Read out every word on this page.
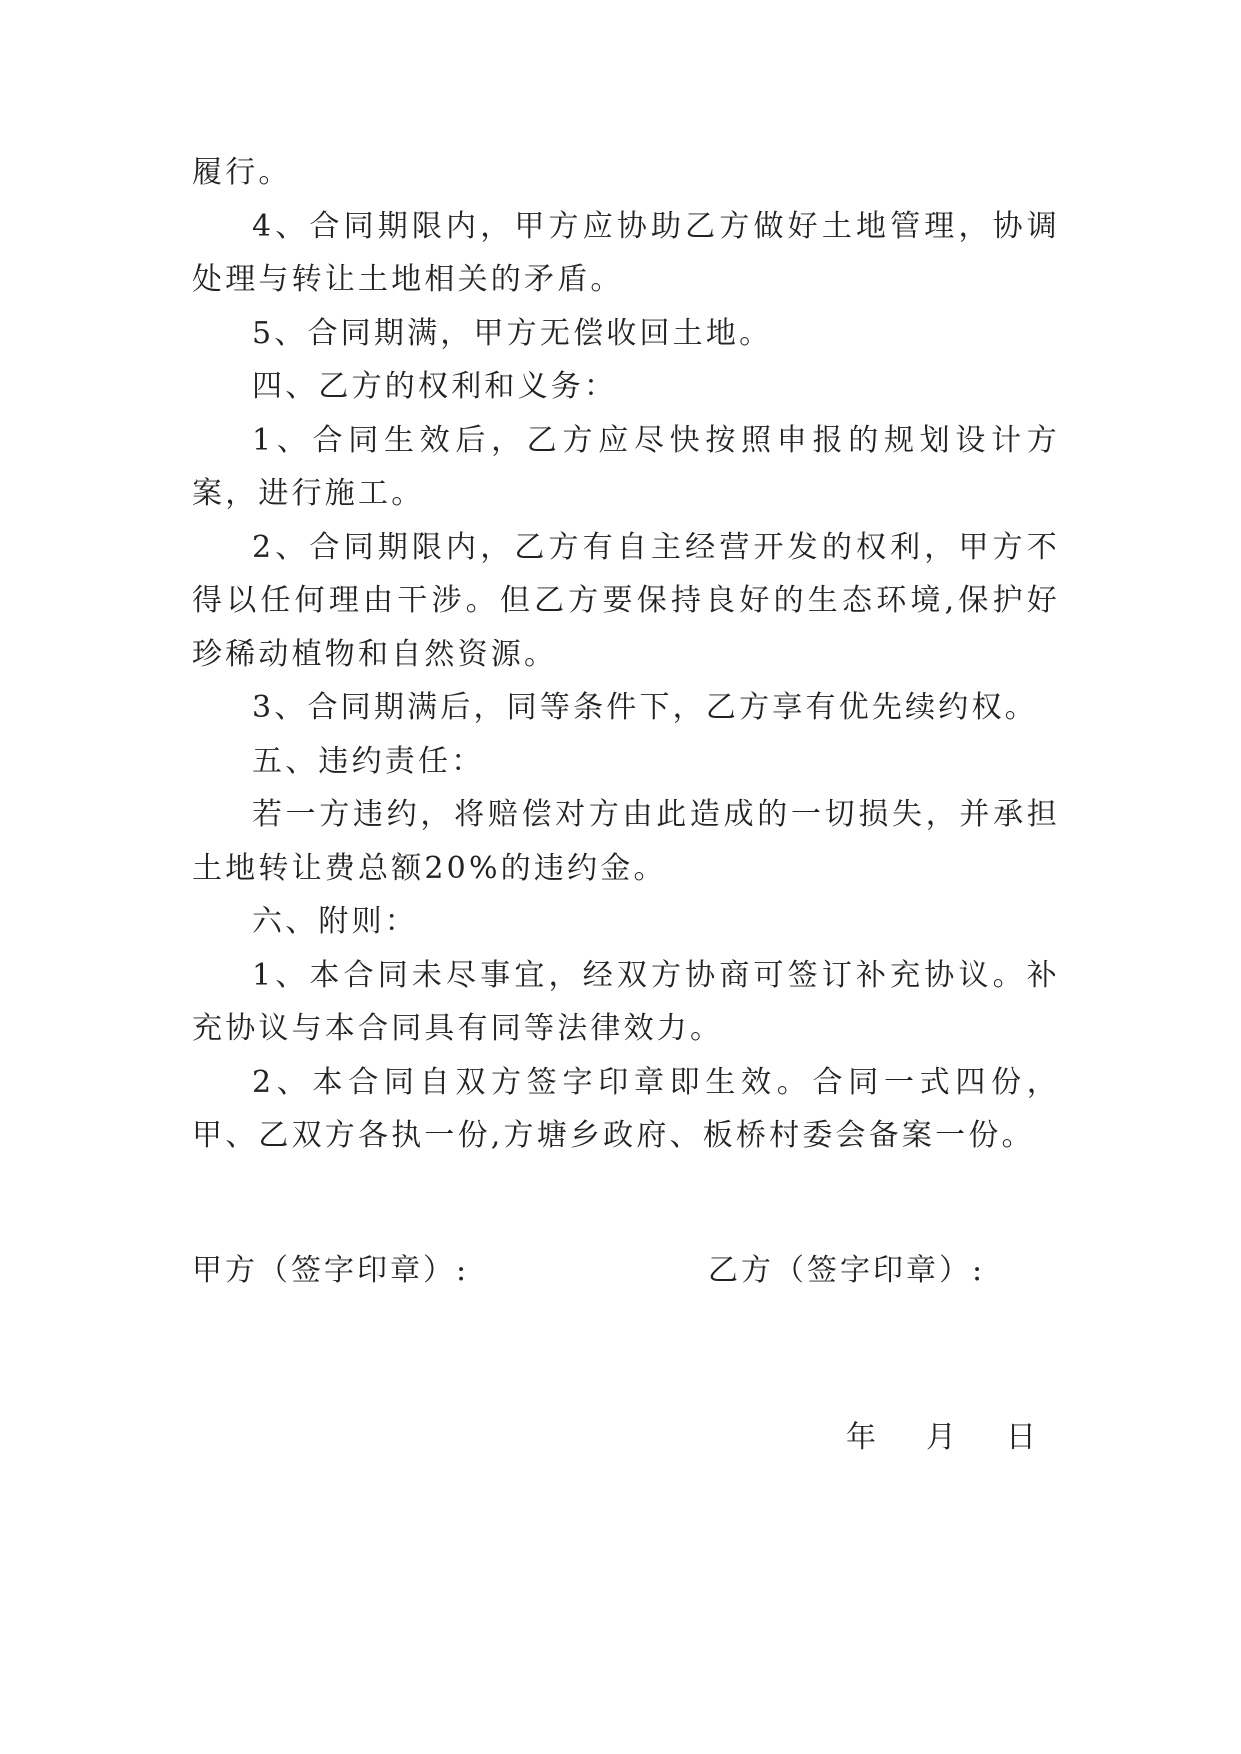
履行。

4、合同期限内，甲方应协助乙方做好土地管理，协调处理与转让土地相关的矛盾。

5、合同期满，甲方无偿收回土地。

四、乙方的权利和义务：

1、合同生效后，乙方应尽快按照申报的规划设计方案，进行施工。

2、合同期限内，乙方有自主经营开发的权利，甲方不得以任何理由干涉。但乙方要保持良好的生态环境,保护好珍稀动植物和自然资源。

3、合同期满后，同等条件下，乙方享有优先续约权。

五、违约责任：

若一方违约，将赔偿对方由此造成的一切损失，并承担土地转让费总额20%的违约金。

六、附则：

1、本合同未尽事宜，经双方协商可签订补充协议。补充协议与本合同具有同等法律效力。

2、本合同自双方签字印章即生效。合同一式四份，甲、乙双方各执一份,方塘乡政府、板桥村委会备案一份。

甲方（签字印章）:	乙方（签字印章）:
年 月 日
